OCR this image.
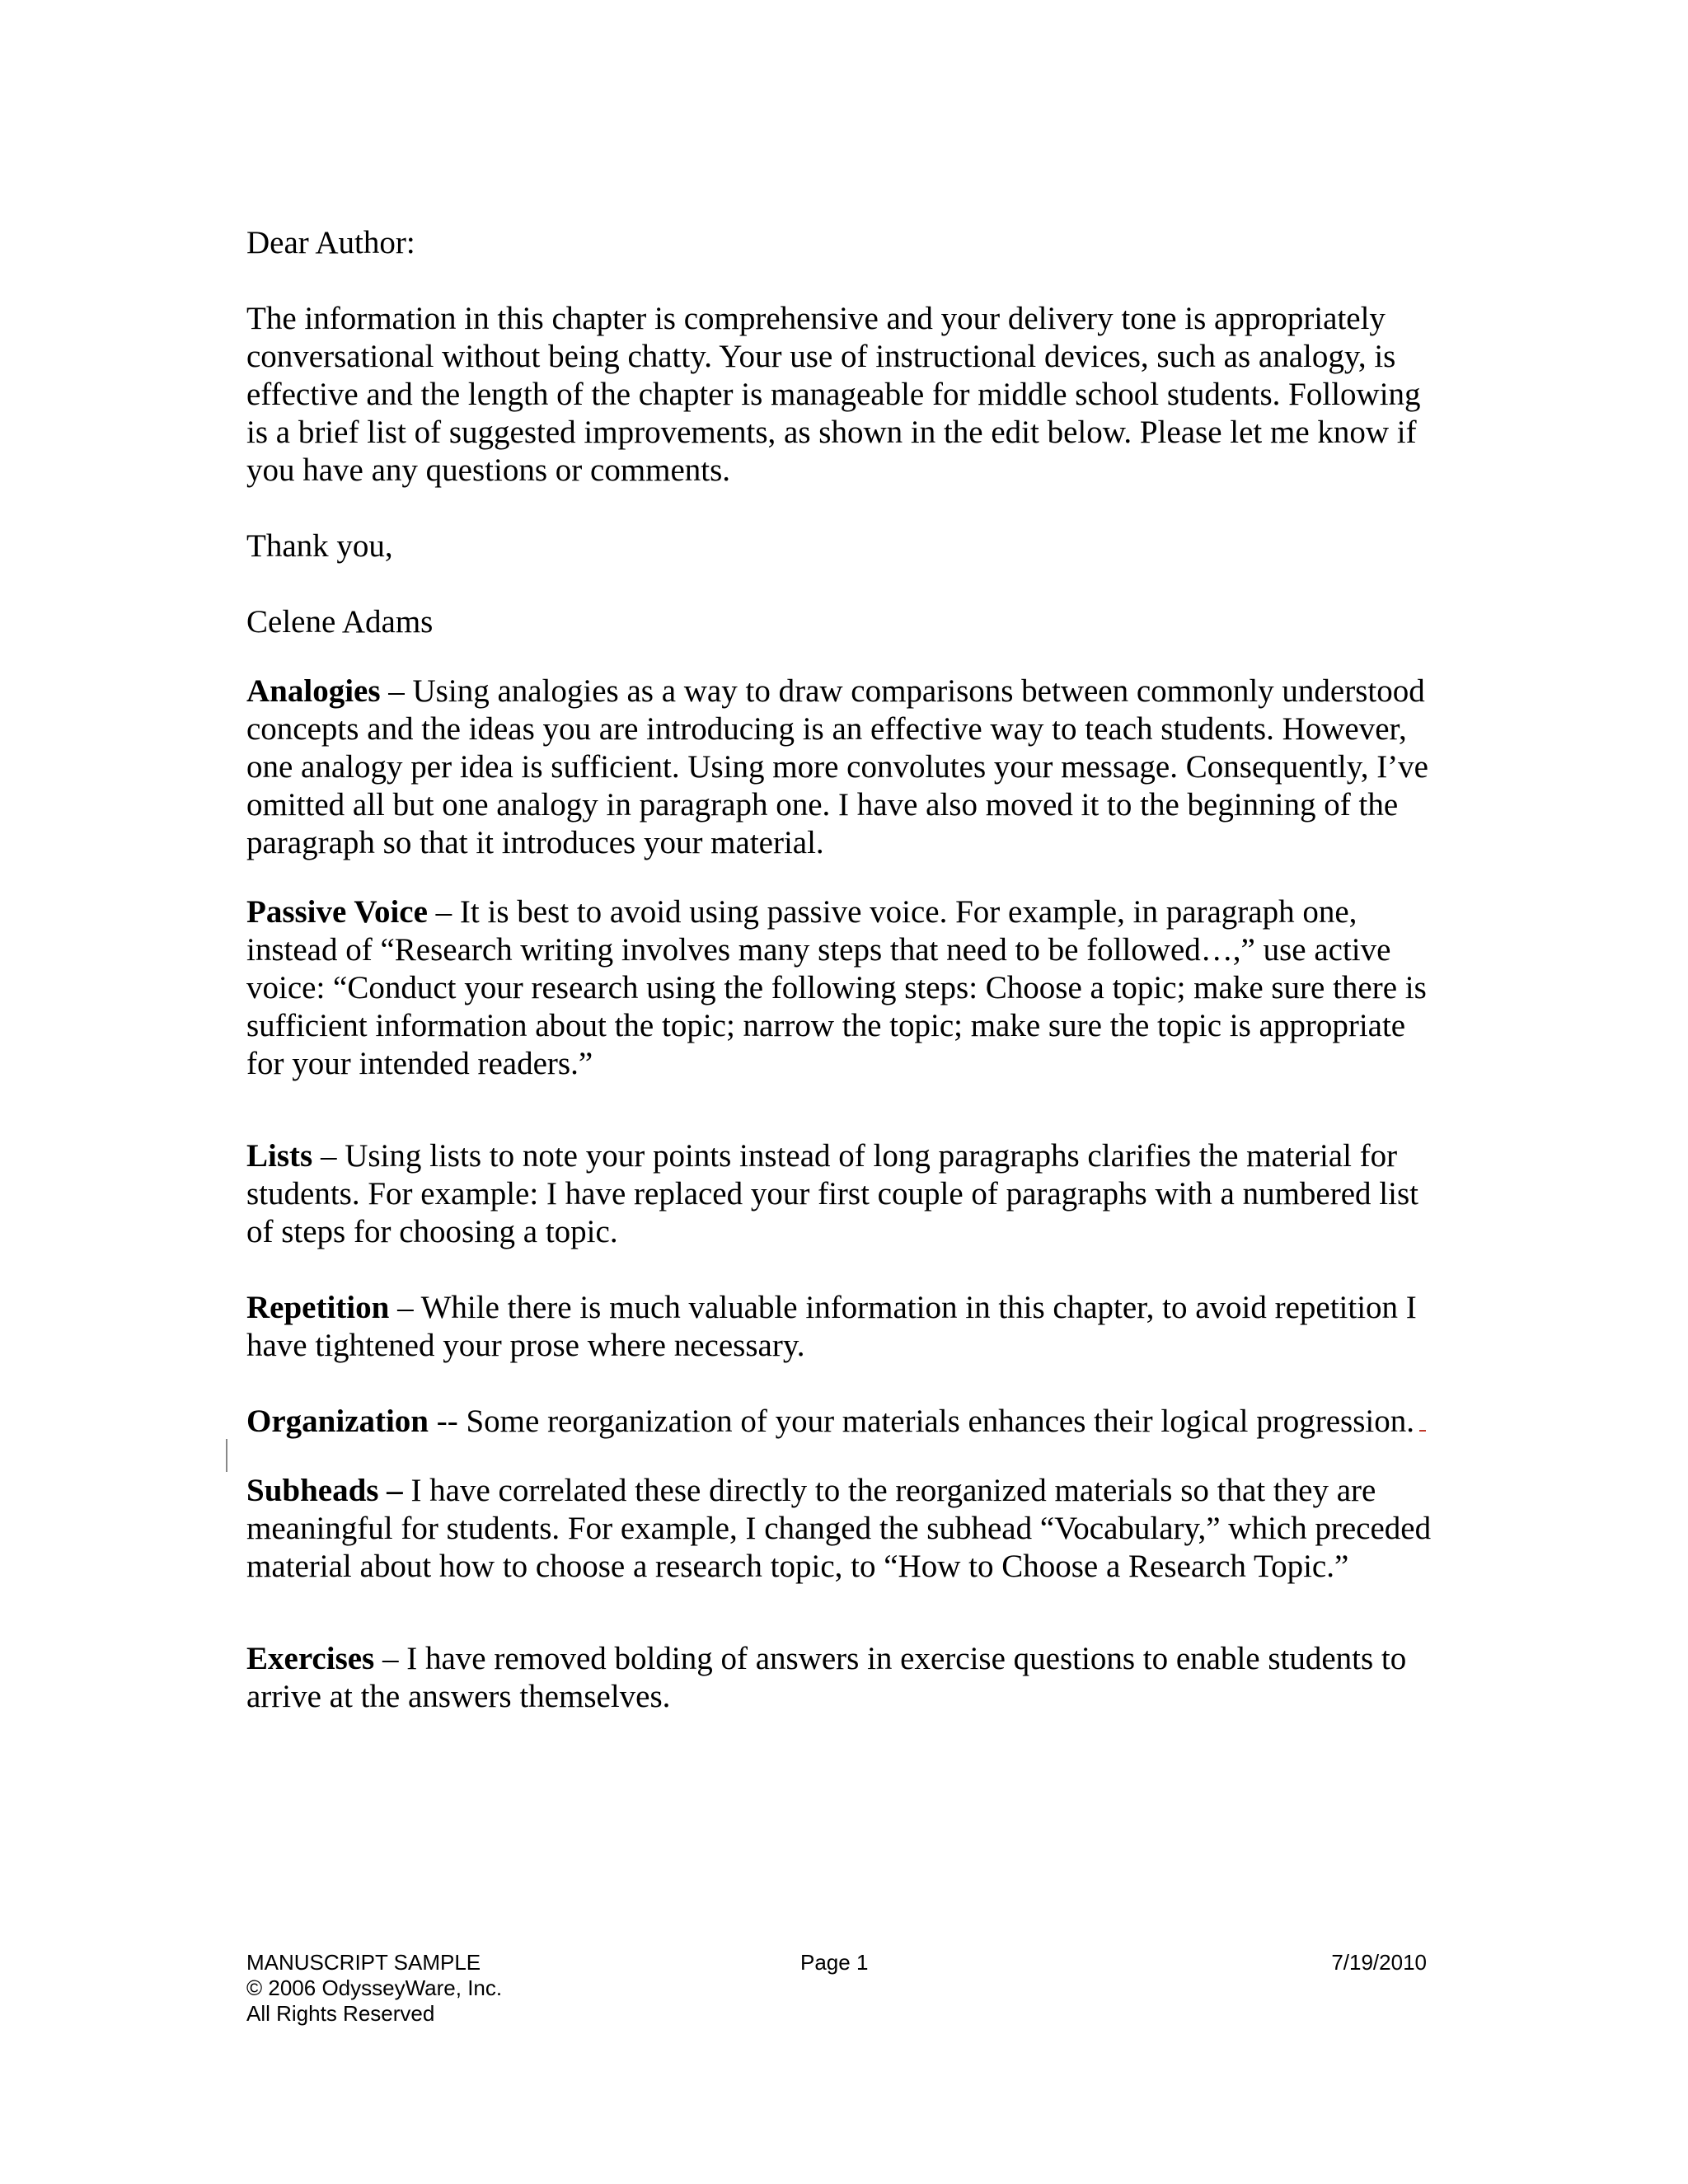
Dear Author:

The information in this chapter is comprehensive and your delivery tone is appropriately conversational without being chatty. Your use of instructional devices, such as analogy, is effective and the length of the chapter is manageable for middle school students. Following is a brief list of suggested improvements, as shown in the edit below. Please let me know if you have any questions or comments.

Thank you,

Celene Adams

Analogies – Using analogies as a way to draw comparisons between commonly understood concepts and the ideas you are introducing is an effective way to teach students. However, one analogy per idea is sufficient. Using more convolutes your message. Consequently, I’ve omitted all but one analogy in paragraph one. I have also moved it to the beginning of the paragraph so that it introduces your material.

Passive Voice – It is best to avoid using passive voice. For example, in paragraph one, instead of “Research writing involves many steps that need to be followed…,” use active voice: “Conduct your research using the following steps: Choose a topic; make sure there is sufficient information about the topic; narrow the topic; make sure the topic is appropriate for your intended readers.”

Lists – Using lists to note your points instead of long paragraphs clarifies the material for students. For example: I have replaced your first couple of paragraphs with a numbered list of steps for choosing a topic.

Repetition – While there is much valuable information in this chapter, to avoid repetition I have tightened your prose where necessary.

Organization -- Some reorganization of your materials enhances their logical progression.

Subheads – I have correlated these directly to the reorganized materials so that they are meaningful for students. For example, I changed the subhead “Vocabulary,” which preceded material about how to choose a research topic, to “How to Choose a Research Topic.”

Exercises – I have removed bolding of answers in exercise questions to enable students to arrive at the answers themselves.

MANUSCRIPT SAMPLE
© 2006 OdysseyWare, Inc.
All Rights Reserved
Page 1	7/19/2010
